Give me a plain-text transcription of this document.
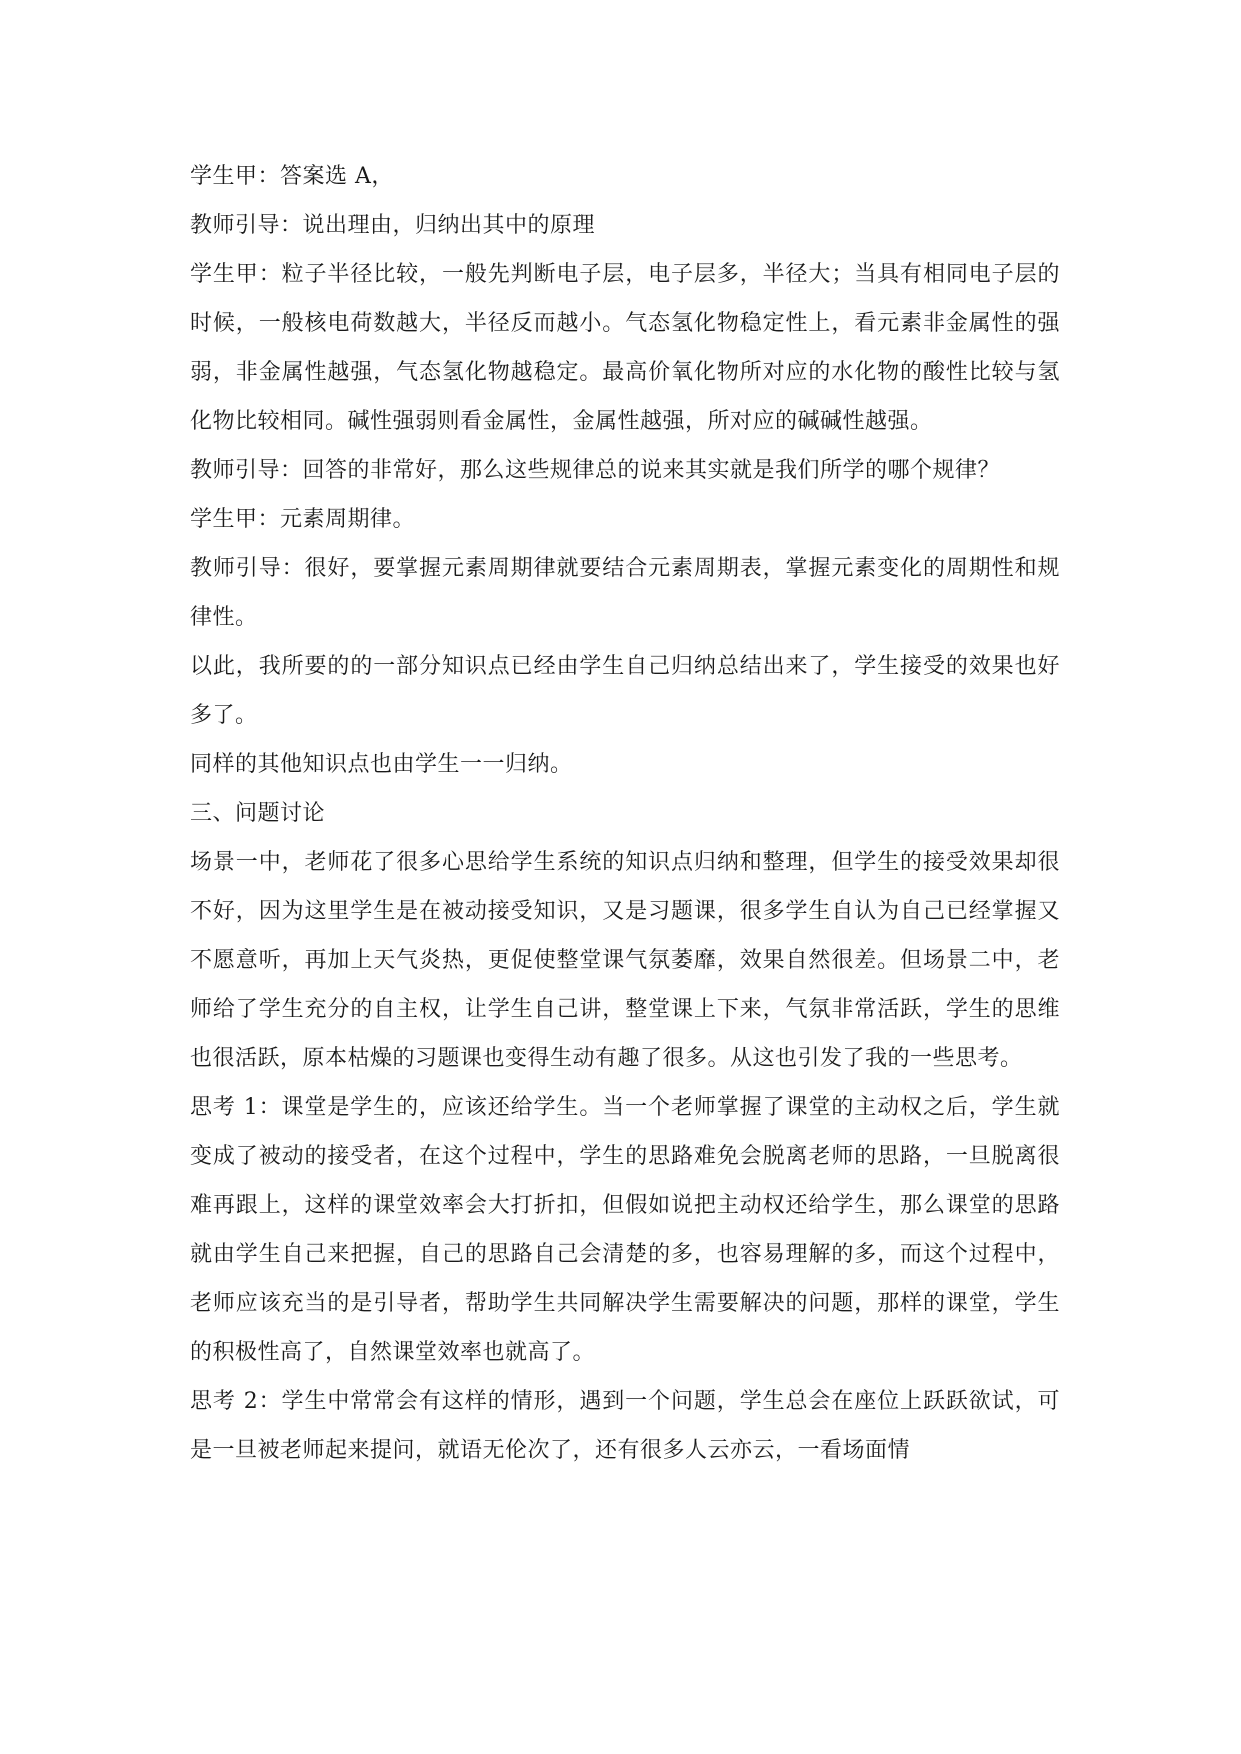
学生甲：答案选 A，

教师引导：说出理由，归纳出其中的原理

学生甲：粒子半径比较，一般先判断电子层，电子层多，半径大；当具有相同电子层的时候，一般核电荷数越大，半径反而越小。气态氢化物稳定性上，看元素非金属性的强弱，非金属性越强，气态氢化物越稳定。最高价氧化物所对应的水化物的酸性比较与氢化物比较相同。碱性强弱则看金属性，金属性越强，所对应的碱碱性越强。

教师引导：回答的非常好，那么这些规律总的说来其实就是我们所学的哪个规律？

学生甲：元素周期律。

教师引导：很好，要掌握元素周期律就要结合元素周期表，掌握元素变化的周期性和规律性。

以此，我所要的的一部分知识点已经由学生自己归纳总结出来了，学生接受的效果也好多了。

同样的其他知识点也由学生一一归纳。

三、问题讨论

场景一中，老师花了很多心思给学生系统的知识点归纳和整理，但学生的接受效果却很不好，因为这里学生是在被动接受知识，又是习题课，很多学生自认为自己已经掌握又不愿意听，再加上天气炎热，更促使整堂课气氛萎靡，效果自然很差。但场景二中，老师给了学生充分的自主权，让学生自己讲，整堂课上下来，气氛非常活跃，学生的思维也很活跃，原本枯燥的习题课也变得生动有趣了很多。从这也引发了我的一些思考。

思考 1：课堂是学生的，应该还给学生。当一个老师掌握了课堂的主动权之后，学生就变成了被动的接受者，在这个过程中，学生的思路难免会脱离老师的思路，一旦脱离很难再跟上，这样的课堂效率会大打折扣，但假如说把主动权还给学生，那么课堂的思路就由学生自己来把握，自己的思路自己会清楚的多，也容易理解的多，而这个过程中，老师应该充当的是引导者，帮助学生共同解决学生需要解决的问题，那样的课堂，学生的积极性高了，自然课堂效率也就高了。

思考 2：学生中常常会有这样的情形，遇到一个问题，学生总会在座位上跃跃欲试，可是一旦被老师起来提问，就语无伦次了，还有很多人云亦云，一看场面情
